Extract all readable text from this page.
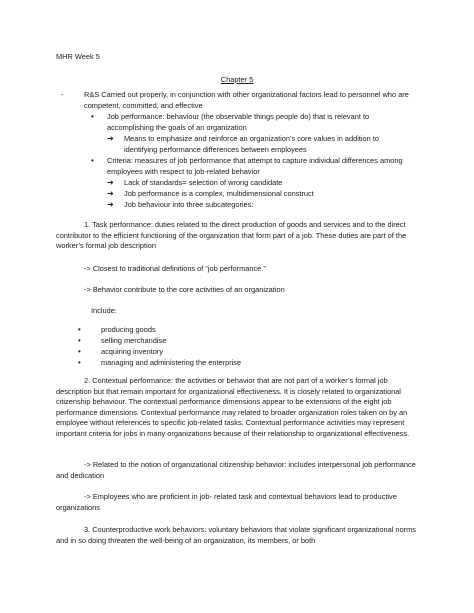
MHR Week 5
Chapter 5
-	R&S Carried out properly, in conjunction with other organizational factors lead to personnel who are competent, committed, and effective
• Job performance: behaviour (the observable things people do) that is relevant to accomplishing the goals of an organization
➔ Means to emphasize and reinforce an organization’s core values in addition to identifying performance differences between employees
• Criteria: measures of job performance that attempt to capture individual differences among employees with respect to job-related behavior
➔ Lack of standards= selection of wrong candidate
➔ Job performance is a complex, multidimensional construct
➔ Job behaviour into three subcategories:
1. Task performance: duties related to the direct production of goods and services and to the direct contributor to the efficient functioning of the organization that form part of a job. These duties are part of the worker’s formal job description
-> Closest to traditional definitions of “job performance.”
-> Behavior contribute to the core activities of an organization
Include:
•	producing goods
•	selling merchandise
•	acquiring inventory
•	managing and administering the enterprise
2. Contextual performance: the activities or behavior that are not part of a worker’s formal job description but that remain important for organizational effectiveness. It is closely related to organizational citizenship behaviour. The contextual performance dimensions appear to be extensions of the eight job performance dimensions. Contextual performance may related to broader organization roles taken on by an employee without references to specific job-related tasks. Contextual performance activities may represent important criteria for jobs in many organizations because of their relationship to organizational effectiveness.
-> Related to the notion of organizational citizenship behavior: includes interpersonal job performance and dedication
-> Employees who are proficient in job- related task and contextual behaviors lead to productive organizations
3. Counterproductive work behaviors: voluntary behaviors that violate significant organizational norms and in so doing threaten the well-being of an organization, its members, or both
